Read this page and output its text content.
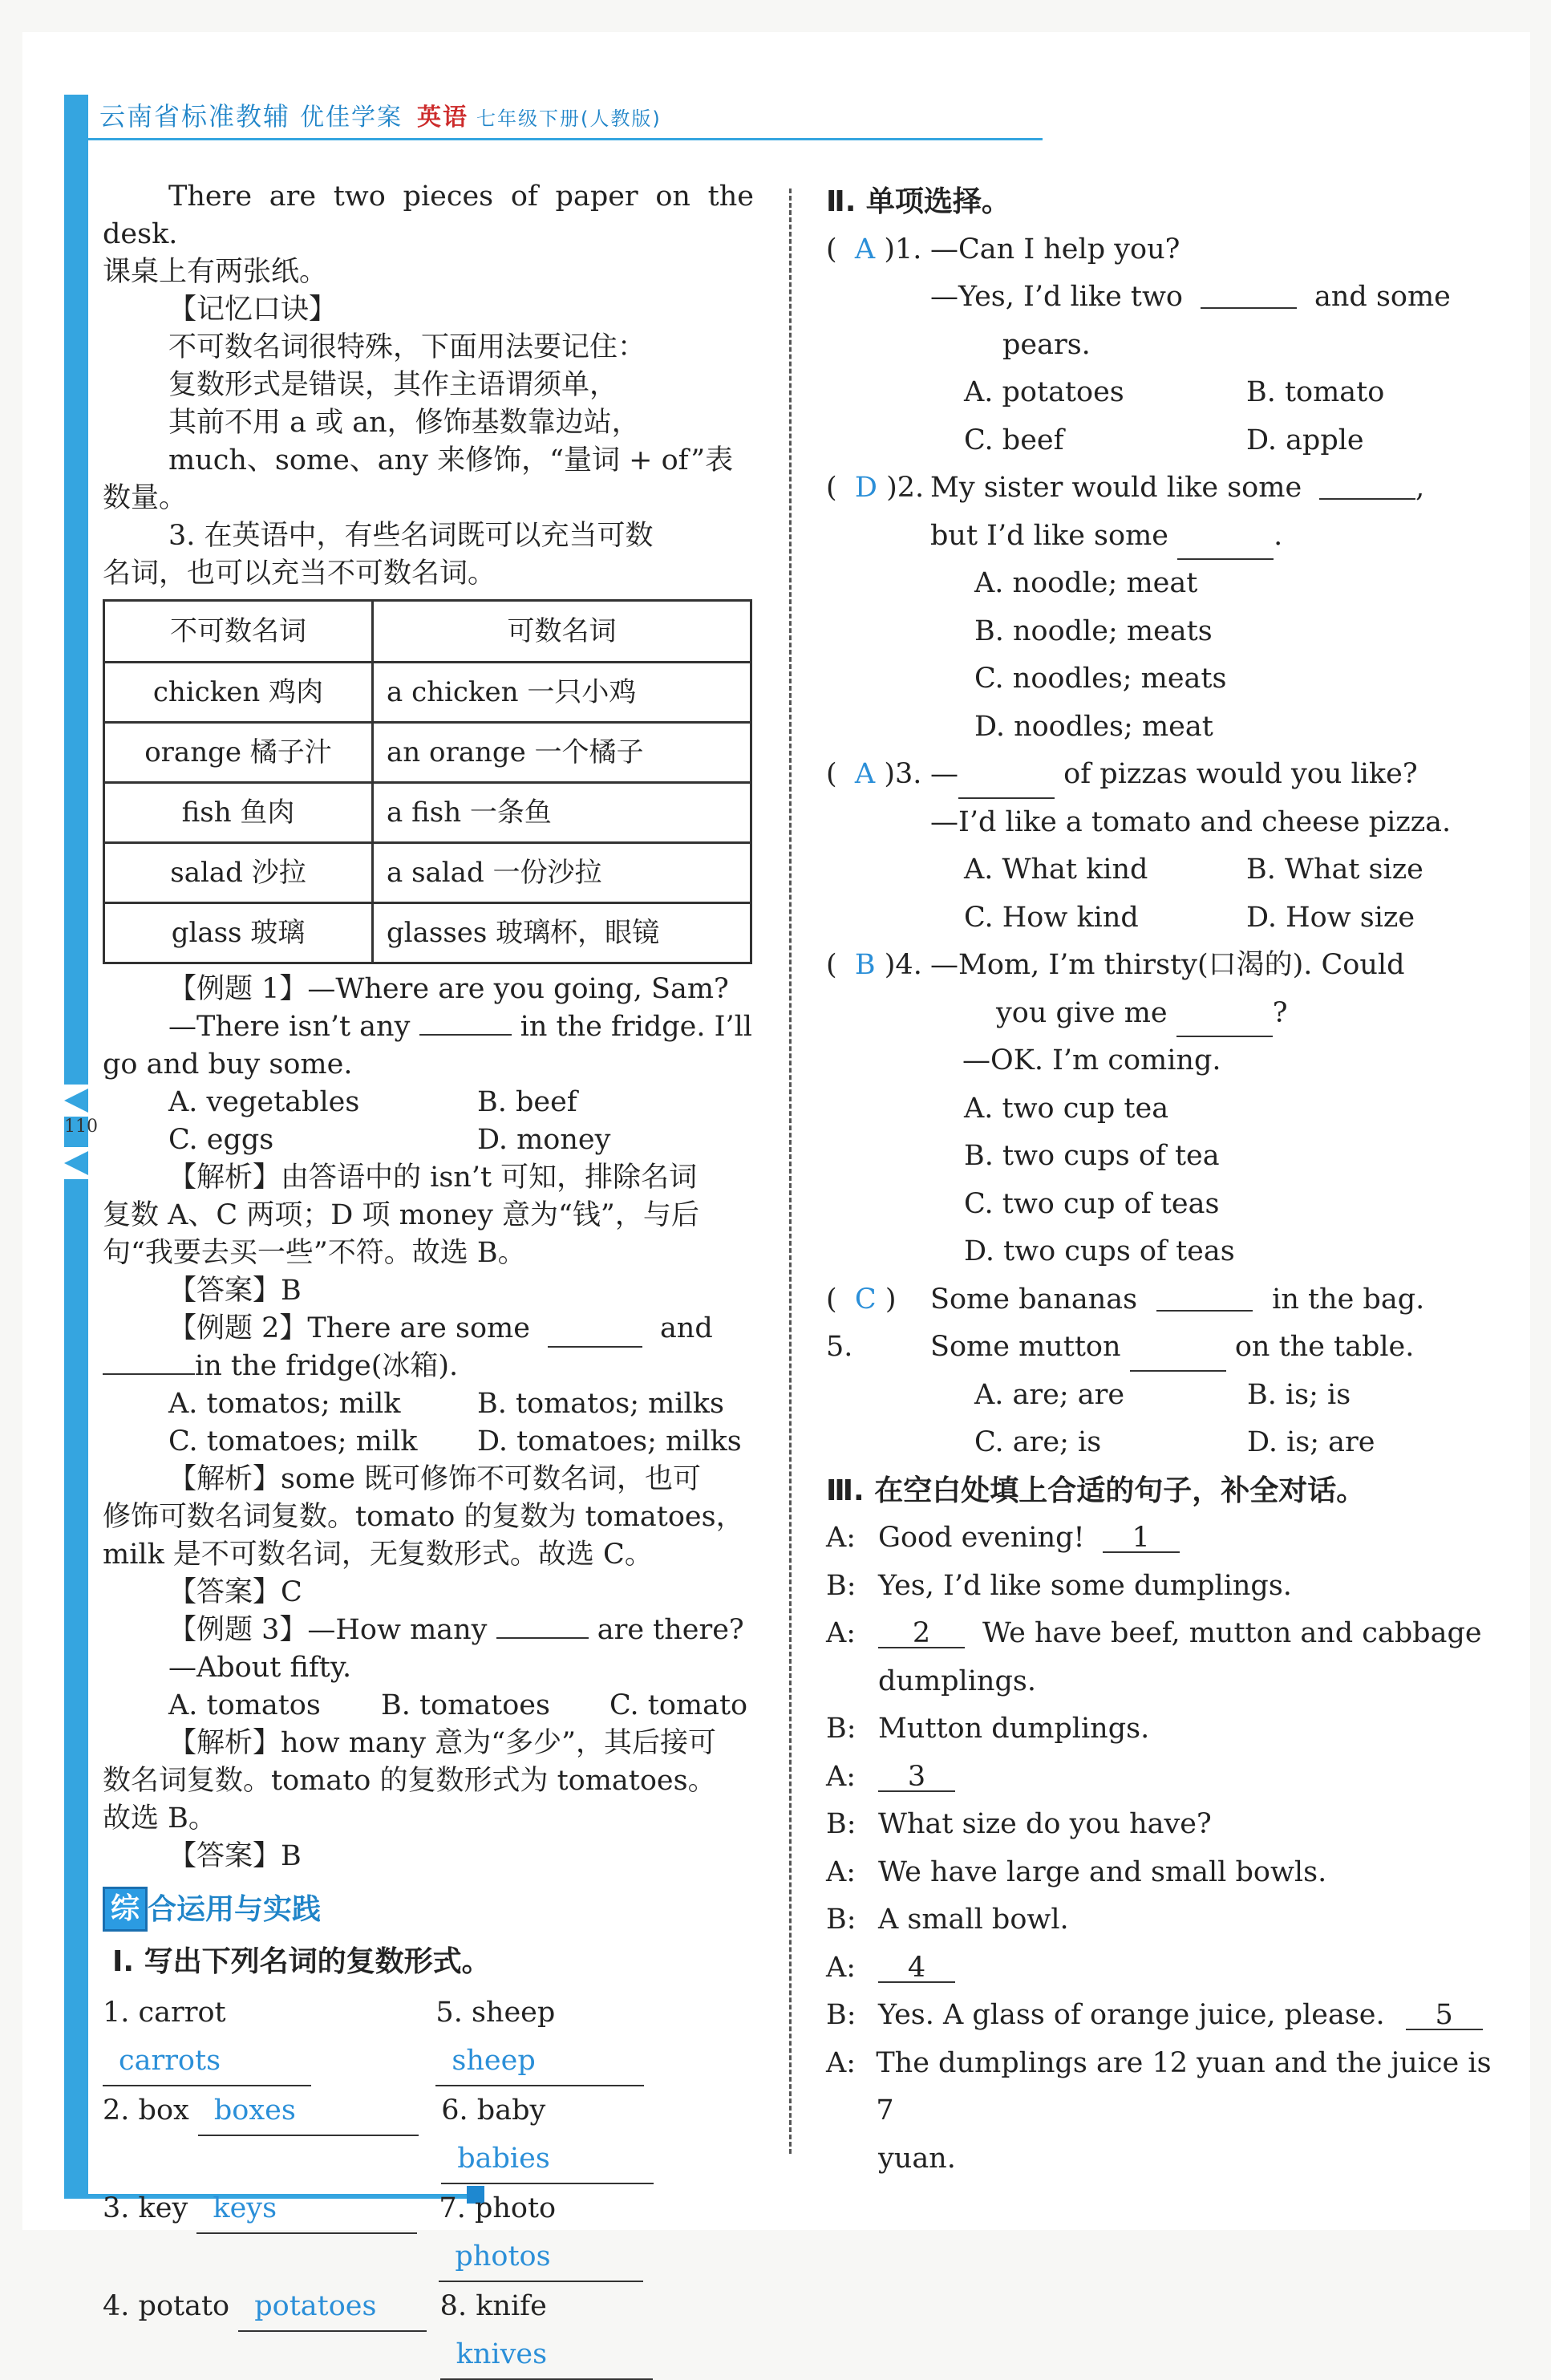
云南省标准教辅 优佳学案 英语 七年级下册(人教版)
110

There are two pieces of paper on the desk.

课桌上有两张纸。

【记忆口诀】

不可数名词很特殊，下面用法要记住：

复数形式是错误，其作主语谓须单，

其前不用 a 或 an，修饰基数靠边站，

much、some、any 来修饰，“量词 + of”表

数量。

3. 在英语中，有些名词既可以充当可数

名词，也可以充当不可数名词。

不可数名词	可数名词
chicken 鸡肉	a chicken 一只小鸡
orange 橘子汁	an orange 一个橘子
fish 鱼肉	a fish 一条鱼
salad 沙拉	a salad 一份沙拉
glass 玻璃	glasses 玻璃杯，眼镜

【例题 1】—Where are you going, Sam?

—There isn’t any	in the fridge. I’ll

go and buy some.

A. vegetables	B. beef
C. eggs	D. money

【解析】由答语中的 isn’t 可知，排除名词

复数 A、C 两项；D 项 money 意为“钱”，与后

句“我要去买一些”不符。故选 B。

【答案】B

【例题 2】There are some	and

in the fridge(冰箱).

A. tomatos; milk	B. tomatos; milks
C. tomatoes; milk	D. tomatoes; milks

【解析】some 既可修饰不可数名词，也可

修饰可数名词复数。tomato 的复数为 tomatoes，

milk 是不可数名词，无复数形式。故选 C。

【答案】C

【例题 3】—How many	are there?

—About fifty.

A. tomatos	B. tomatoes	C. tomato

【解析】how many 意为“多少”，其后接可

数名词复数。tomato 的复数形式为 tomatoes。

故选 B。

【答案】B

综 合运用与实践

Ⅰ. 写出下列名词的复数形式。

1. carrot carrots
5. sheep sheep
2. box boxes	6. baby babies
3. key keys	7. photo photos
4. potato potatoes	8. knife knives

Ⅱ. 单项选择。

(  A )1. —Can I help you?

—Yes, I’d like two	and some

pears.

A. potatoes	B. tomato
C. beef	D. apple
(  D )2. My sister would like some	,

but I’d like some	.

A. noodle; meat

B. noodle; meats

C. noodles; meats

D. noodles; meat

(  A )3. —	of pizzas would you like?

—I’d like a tomato and cheese pizza.

A. What kind	B. What size
C. How kind	D. How size
(  B )4. —Mom, I’m thirsty(口渴的). Could

you give me	?

—OK. I’m coming.

A. two cup tea

B. two cups of tea

C. two cup of teas

D. two cups of teas

(  C ) 5.

Some bananas	in the bag.

Some mutton	on the table.

A. are; are	B. is; is
C. are; is	D. is; are

Ⅲ. 在空白处填上合适的句子，补全对话。

A: Good evening!	1
B: Yes, I’d like some dumplings.
A:	2	We have beef, mutton and cabbage
dumplings.
B: Mutton dumplings.
A:	3
B: What size do you have?
A: We have large and small bowls.
B: A small bowl.
A:	4
B: Yes. A glass of orange juice, please.	5
A: The dumplings are 12 yuan and the juice is 7
yuan.
